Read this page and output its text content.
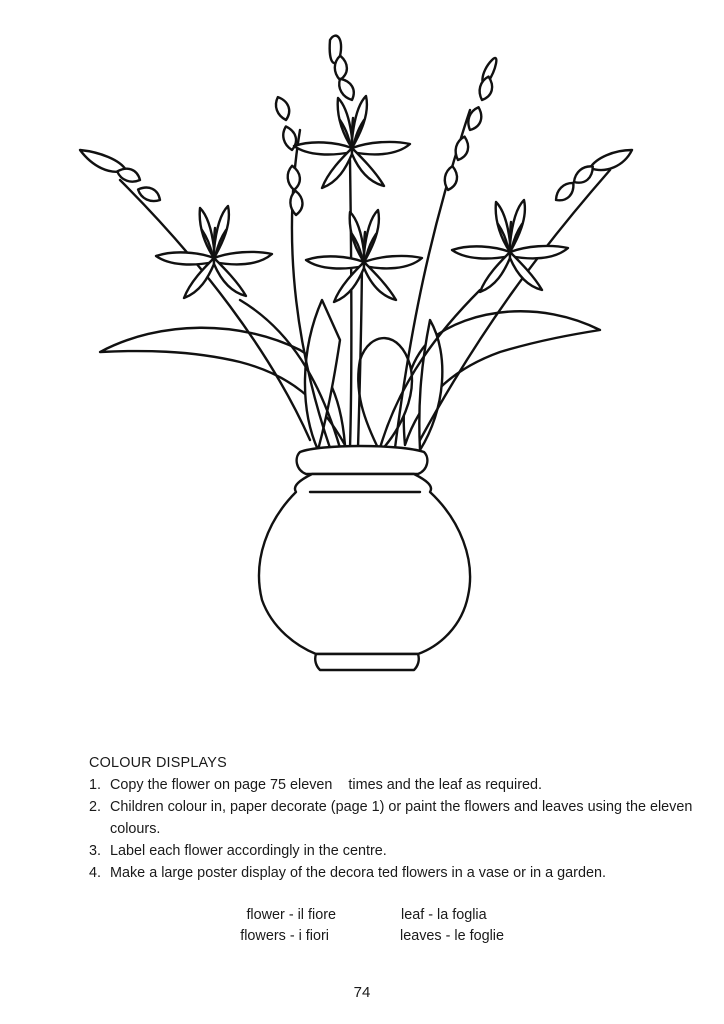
COLOUR DISPLAYS
1. Copy the flower on page 75 eleven    times and the leaf as required.
2. Children colour in, paper decorate (page 1) or paint the flowers and leaves using the eleven colours.
3. Label each flower accordingly in the centre.
4. Make a large poster display of the decora ted flowers in a vase or in a garden.
flower - il fiore	leaf - la foglia
flowers - i fiori	leaves - le foglie
74
